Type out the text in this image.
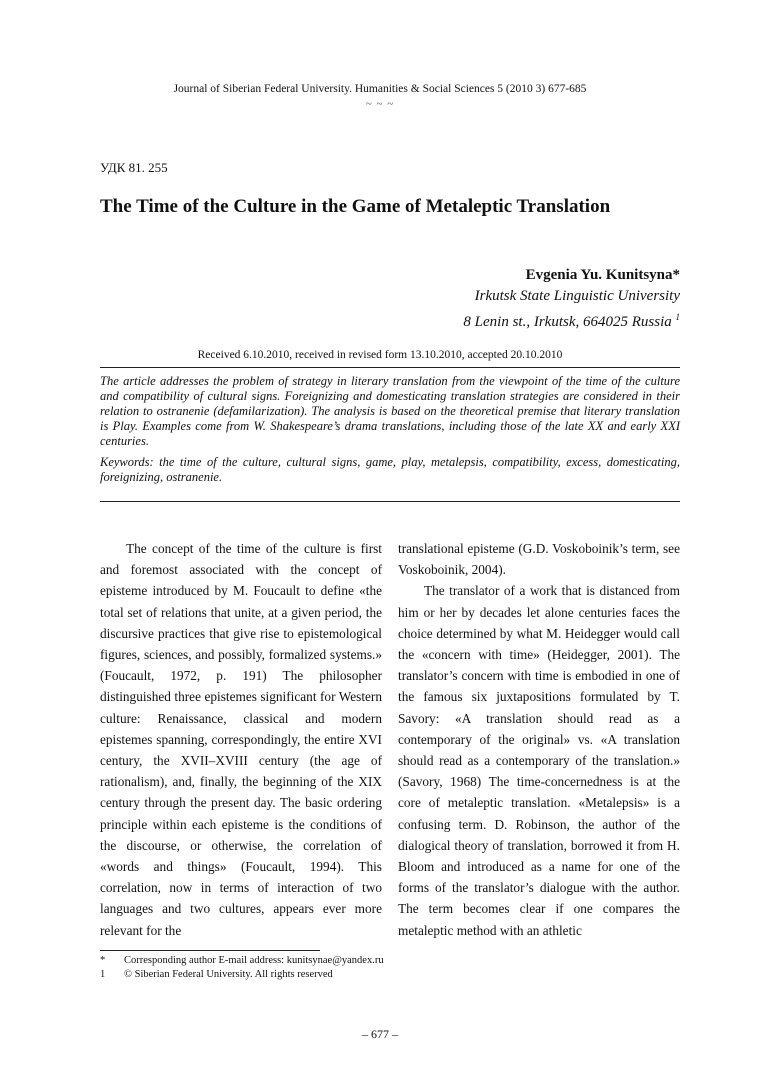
Journal of Siberian Federal University. Humanities & Social Sciences 5 (2010 3) 677-685
~ ~ ~
УДК 81. 255
The Time of the Culture in the Game of Metaleptic Translation
Evgenia Yu. Kunitsyna*
Irkutsk State Linguistic University
8 Lenin st., Irkutsk, 664025 Russia $^1$
Received 6.10.2010, received in revised form 13.10.2010, accepted 20.10.2010

The article addresses the problem of strategy in literary translation from the viewpoint of the time of the culture and compatibility of cultural signs. Foreignizing and domesticating translation strategies are considered in their relation to ostranenie (defamilarization). The analysis is based on the theoretical premise that literary translation is Play. Examples come from W. Shakespeare’s drama translations, including those of the late XX and early XXI centuries.

Keywords: the time of the culture, cultural signs, game, play, metalepsis, compatibility, excess, domesticating, foreignizing, ostranenie.

The concept of the time of the culture is first and foremost associated with the concept of episteme introduced by M. Foucault to define «the total set of relations that unite, at a given period, the discursive practices that give rise to epistemological figures, sciences, and possibly, formalized systems.» (Foucault, 1972, p. 191) The philosopher distinguished three epistemes significant for Western culture: Renaissance, classical and modern epistemes spanning, correspondingly, the entire XVI century, the XVII–XVIII century (the age of rationalism), and, finally, the beginning of the XIX century through the present day. The basic ordering principle within each episteme is the conditions of the discourse, or otherwise, the correlation of «words and things» (Foucault, 1994). This correlation, now in terms of interaction of two languages and two cultures, appears ever more relevant for the

translational episteme (G.D. Voskoboinik’s term, see Voskoboinik, 2004).

The translator of a work that is distanced from him or her by decades let alone centuries faces the choice determined by what M. Heidegger would call the «concern with time» (Heidegger, 2001). The translator’s concern with time is embodied in one of the famous six juxtapositions formulated by T. Savory: «A translation should read as a contemporary of the original» vs. «A translation should read as a contemporary of the translation.» (Savory, 1968) The time-concernedness is at the core of metaleptic translation. «Metalepsis» is a confusing term. D. Robinson, the author of the dialogical theory of translation, borrowed it from H. Bloom and introduced as a name for one of the forms of the translator’s dialogue with the author. The term becomes clear if one compares the metaleptic method with an athletic

* Corresponding author E-mail address: kunitsynae@yandex.ru
1 © Siberian Federal University. All rights reserved
– 677 –
